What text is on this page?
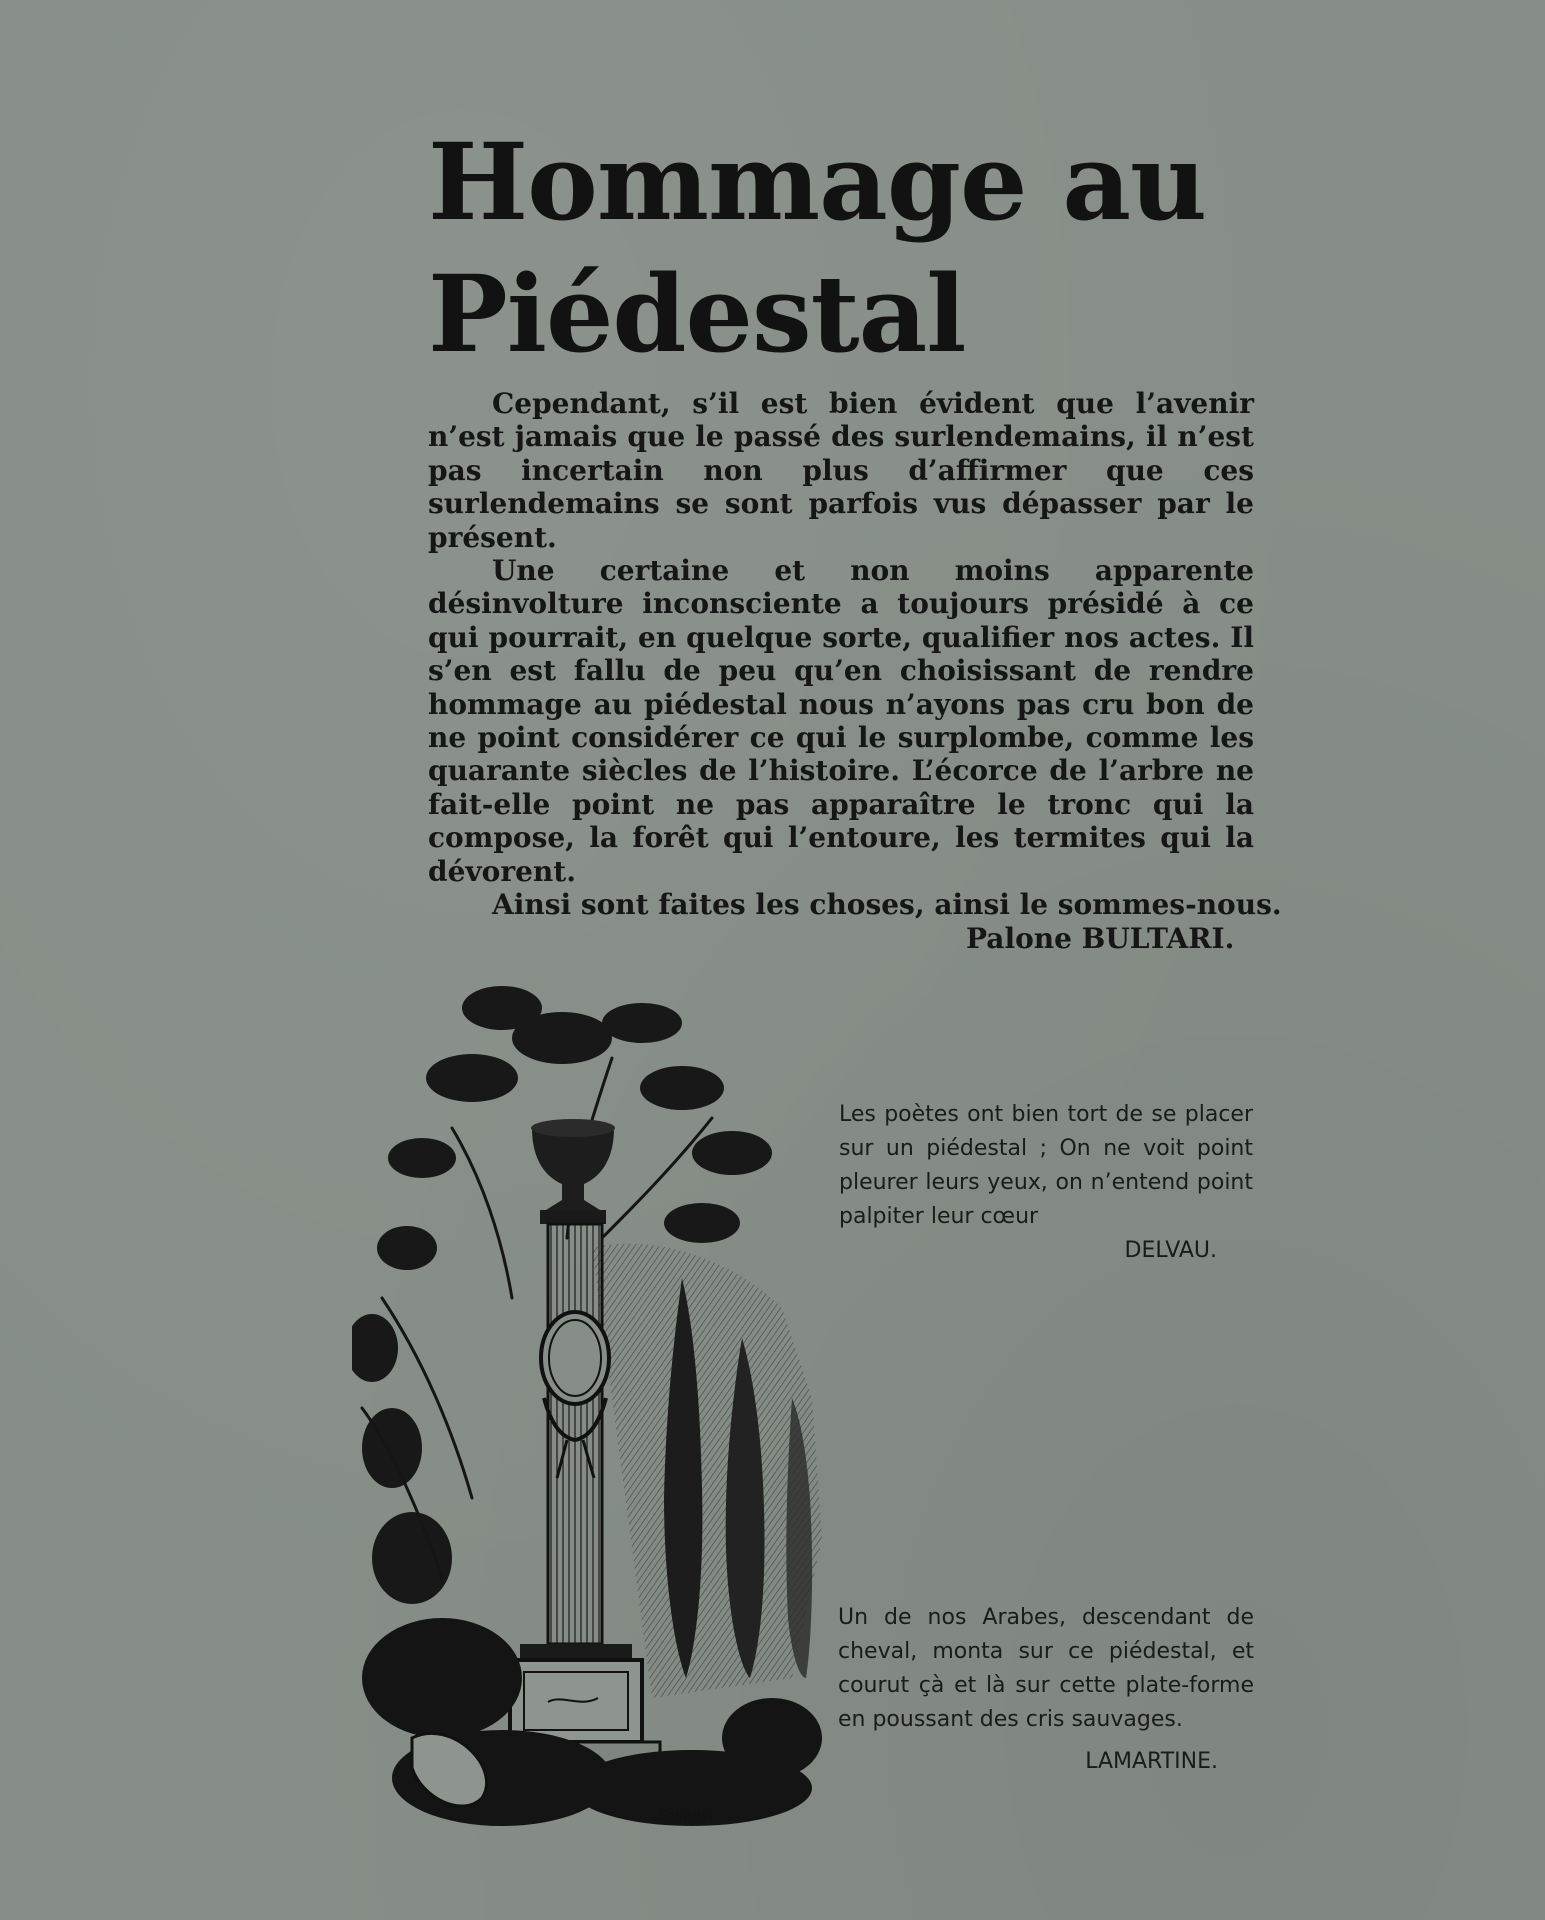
Hommage au
Piédestal

Cependant, s’il est bien évident que l’avenir n’est jamais que le passé des surlendemains, il n’est pas incertain non plus d’affirmer que ces surlendemains se sont parfois vus dépasser par le présent.

Une certaine et non moins apparente désinvolture inconsciente a toujours présidé à ce qui pourrait, en quelque sorte, qualifier nos actes. Il s’en est fallu de peu qu’en choisissant de rendre hommage au piédestal nous n’ayons pas cru bon de ne point considérer ce qui le surplombe, comme les quarante siècles de l’histoire. L’écorce de l’arbre ne fait-elle point ne pas apparaître le tronc qui la compose, la forêt qui l’entoure, les termites qui la dévorent.

Ainsi sont faites les choses, ainsi le sommes-nous.

Palone BULTARI.

Scheller

Les poètes ont bien tort de se placer sur un piédestal ; On ne voit point pleurer leurs yeux, on n’entend point palpiter leur cœur

DELVAU.

Un de nos Arabes, descendant de cheval, monta sur ce piédestal, et courut çà et là sur cette plate-forme en poussant des cris sauvages.

LAMARTINE.
